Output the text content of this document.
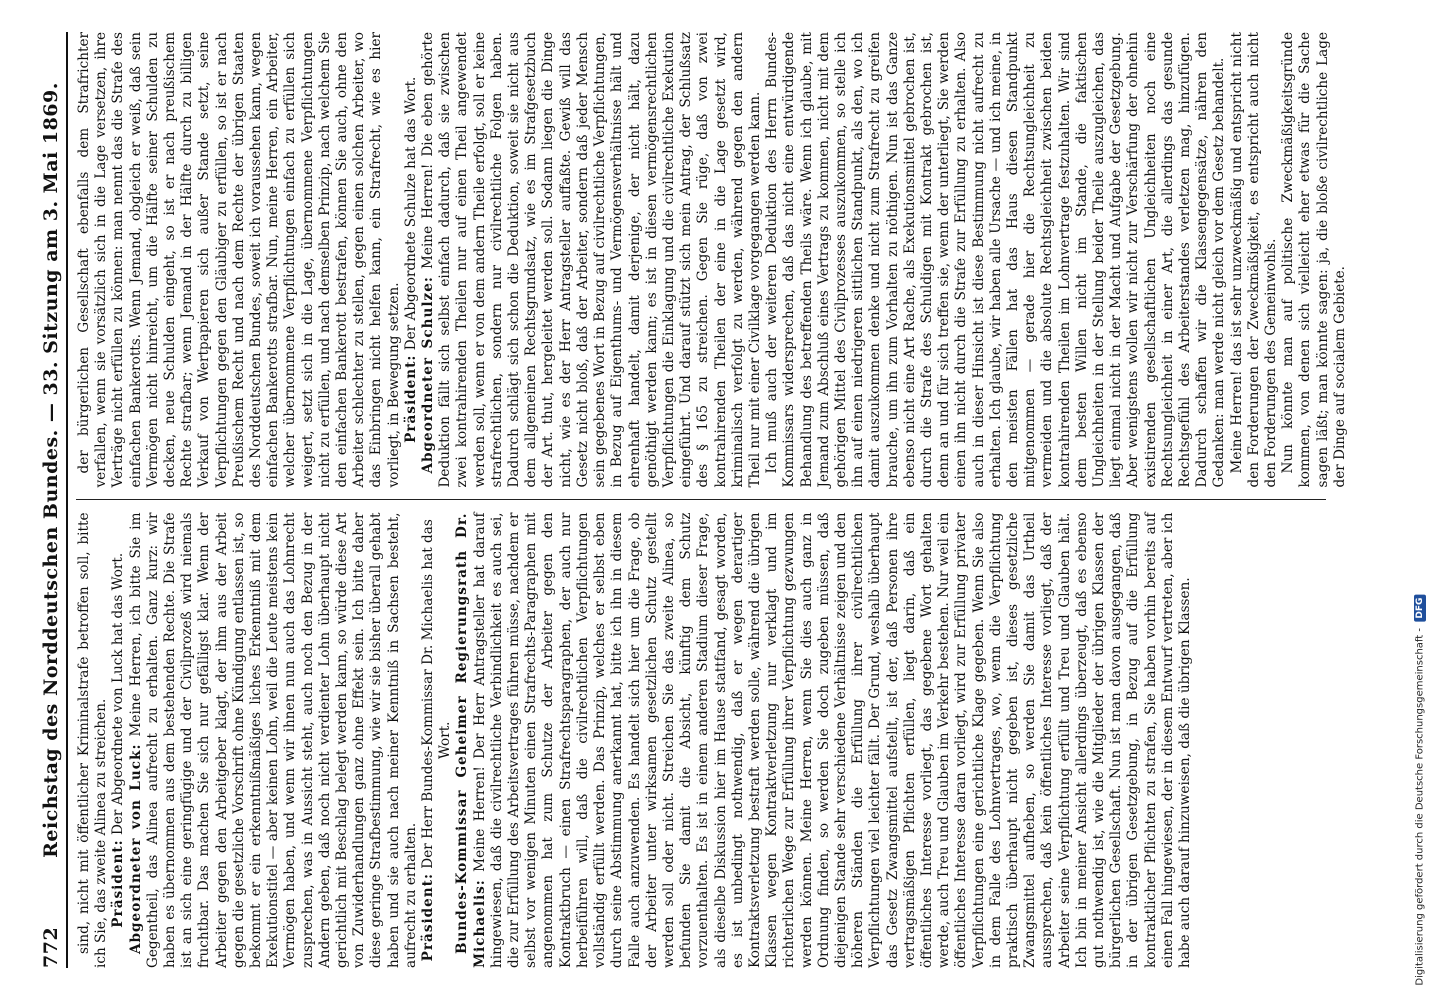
772
Reichstag des Norddeutschen Bundes. — 33. Sitzung am 3. Mai 1869. sind, nicht mit öffentlicher Kriminalstrafe betroffen soll, bitte ich Sie, das zweite Alinea zu streichen. Präsident: Der Abgeordnete von Luck hat das Wort.

Abgeordneter von Luck: Meine Herren, ich bitte Sie im Gegentheil, das Alinea aufrecht zu erhalten. Ganz kurz: wir haben es übernommen aus dem bestehenden Rechte. Die Strafe ist an sich eine geringfügige und der Civilprozeß wird niemals fruchtbar. Das machen Sie sich nur gefälligst klar. Wenn der Arbeiter gegen den Arbeitgeber klagt, der ihm aus der Arbeit gegen die gesetzliche Vorschrift ohne Kündigung entlassen ist, so bekommt er ein erkenntnißmäßiges liches Erkenntniß mit dem Exekutionstitel — aber keinen Lohn, weil die Leute meistens kein Vermögen haben, und wenn wir ihnen nun auch das Lohnrecht zusprechen, was in Aussicht steht, auch noch den Bezug in der Andern geben, daß noch nicht verdienter Lohn überhaupt nicht gerichtlich mit Beschlag belegt werden kann, so würde diese Art von Zuwiderhandlungen ganz ohne Effekt sein. Ich bitte daher diese geringe Strafbestimmung, wie wir sie bisher überall gehabt haben und sie auch nach meiner Kenntniß in Sachsen besteht, aufrecht zu erhalten. Präsident: Der Herr Bundes-Kommissar Dr. Michaelis hat das Wort. Bundes-Kommissar Geheimer Regierungsrath Dr. Michaelis: Meine Herren! Der Herr Antragsteller hat darauf hingewiesen, daß die civilrechtliche Verbindlichkeit es auch sei, die zur Erfüllung des Arbeitsvertrages führen müsse, nachdem er selbst vor wenigen Minuten einen Strafrechts-Paragraphen mit angenommen hat zum Schutze der Arbeiter gegen den Kontraktbruch — einen Strafrechtsparagraphen, der auch nur herbeiführen will, daß die civilrechtlichen Verpflichtungen vollständig erfüllt werden. Das Prinzip, welches er selbst eben durch seine Abstimmung anerkannt hat, bitte ich ihn in diesem Falle auch anzuwenden. Es handelt sich hier um die Frage, ob der Arbeiter unter wirksamen gesetzlichen Schutz gestellt werden soll oder nicht. Streichen Sie das zweite Alinea, so befunden Sie damit die Absicht, künftig dem Schutz vorzuenthalten. Es ist in einem anderen Stadium dieser Frage, als dieselbe Diskussion hier im Hause stattfand, gesagt worden, es ist unbedingt nothwendig, daß er wegen derartiger Kontraktsverletzung bestraft werden solle, während die übrigen Klassen wegen Kontraktverletzung nur verklagt und im richterlichen Wege zur Erfüllung ihrer Verpflichtung gezwungen werden können. Meine Herren, wenn Sie dies auch ganz in Ordnung finden, so werden Sie doch zugeben müssen, daß diejenigen Stande sehr verschiedene Verhältnisse zeigen und den höheren Ständen die Erfüllung ihrer civilrechtlichen Verpflichtungen viel leichter fällt. Der Grund, weshalb überhaupt das Gesetz Zwangsmittel aufstellt, ist der, daß Personen ihre vertragsmäßigen Pflichten erfüllen, liegt darin, daß ein öffentliches Interesse vorliegt, das gegebene Wort gehalten werde, auch Treu und Glauben im Verkehr bestehen. Nur weil ein öffentliches Interesse daran vorliegt, wird zur Erfüllung privater Verpflichtungen eine gerichtliche Klage gegeben. Wenn Sie also in dem Falle des Lohnvertrages, wo, wenn die Verpflichtung praktisch überhaupt nicht gegeben ist, dieses gesetzliche Zwangsmittel aufheben, so werden Sie damit das Urtheil aussprechen, daß kein öffentliches Interesse vorliegt, daß der Arbeiter seine Verpflichtung erfüllt und Treu und Glauben hält. Ich bin in meiner Ansicht allerdings überzeugt, daß es ebenso gut nothwendig ist, wie die Mitglieder der übrigen Klassen der bürgerlichen Gesellschaft. Nun ist man davon ausgegangen, daß in der übrigen Gesetzgebung, in Bezug auf die Erfüllung kontraktlicher Pflichten zu strafen, Sie haben vorhin bereits auf einen Fall hingewiesen, der in diesem Entwurf vertreten, aber ich habe auch darauf hinzuweisen, daß die übrigen Klassen.

der bürgerlichen Gesellschaft ebenfalls dem Strafrichter verfallen, wenn sie vorsätzlich sich in die Lage versetzen, ihre Verträge nicht erfüllen zu können: man nennt das die Strafe des einfachen Bankerotts. Wenn Jemand, obgleich er weiß, daß sein Vermögen nicht hinreicht, um die Hälfte seiner Schulden zu decken, neue Schulden eingeht, so ist er nach preußischem Rechte strafbar; wenn Jemand in der Hälfte durch zu billigen Verkauf von Wertpapieren sich außer Stande setzt, seine Verpflichtungen gegen den Gläubiger zu erfüllen, so ist er nach Preußischem Recht und nach dem Rechte der übrigen Staaten des Norddeutschen Bundes, soweit ich voraussehen kann, wegen einfachen Bankerotts strafbar. Nun, meine Herren, ein Arbeiter, welcher übernommene Verpflichtungen einfach zu erfüllen sich weigert, setzt sich in die Lage, übernommene Verpflichtungen nicht zu erfüllen, und nach demselben Prinzip, nach welchem Sie den einfachen Bankerott bestrafen, können Sie auch, ohne den Arbeiter schlechter zu stellen, gegen einen solchen Arbeiter, wo das Einbringen nicht helfen kann, ein Strafrecht, wie es hier vorliegt, in Bewegung setzen. Präsident: Der Abgeordnete Schulze hat das Wort.

Abgeordneter Schulze: Meine Herren! Die eben gehörte Deduktion fällt sich selbst einfach dadurch, daß sie zwischen zwei kontrahirenden Theilen nur auf einen Theil angewendet werden soll, wenn er von dem andern Theile erfolgt, soll er keine strafrechtlichen, sondern nur civilrechtliche Folgen haben. Dadurch schlägt sich schon die Deduktion, soweit sie nicht aus dem allgemeinen Rechtsgrundsatz, wie es im Strafgesetzbuch der Art. thut, hergeleitet werden soll. Sodann liegen die Dinge nicht, wie es der Herr Antragsteller auffaßte. Gewiß will das Gesetz nicht bloß, daß der Arbeiter, sondern daß jeder Mensch sein gegebenes Wort in Bezug auf civilrechtliche Verpflichtungen, in Bezug auf Eigenthums- und Vermögensverhältnisse hält und ehrenhaft handelt, damit derjenige, der nicht hält, dazu genöthigt werden kann; es ist in diesen vermögensrechtlichen Verpflichtungen die Einklagung und die civilrechtliche Exekution eingeführt. Und darauf stützt sich mein Antrag, der Schlußsatz des § 165 zu streichen. Gegen Sie rüge, daß von zwei kontrahirenden Theilen der eine in die Lage gesetzt wird, kriminalisch verfolgt zu werden, während gegen den andern Theil nur mit einer Civilklage vorgegangen werden kann. Ich muß auch der weiteren Deduktion des Herrn Bundes-Kommissars widersprechen, daß das nicht eine entwürdigende Behandlung des betreffenden Theils wäre. Wenn ich glaube, mit Jemand zum Abschluß eines Vertrags zu kommen, nicht mit dem gehörigen Mittel des Civilprozesses auszukommen, so stelle ich ihn auf einen niedrigeren sittlichen Standpunkt, als den, wo ich damit auszukommen denke und nicht zum Strafrecht zu greifen brauche, um ihn zum Vorhalten zu nöthigen. Nun ist das Ganze ebenso nicht eine Art Rache, als Exekutionsmittel gebrochen ist, durch die Strafe des Schuldigen mit Kontrakt gebrochen ist, denn an und für sich treffen sie, wenn der unterliegt, Sie werden einen ihn nicht durch die Strafe zur Erfüllung zu erhalten. Also auch in dieser Hinsicht ist diese Bestimmung nicht aufrecht zu erhalten. Ich glaube, wir haben alle Ursache — und ich meine, in den meisten Fällen hat das Haus diesen Standpunkt mitgenommen — gerade hier die Rechtsungleichheit zu vermeiden und die absolute Rechtsgleichheit zwischen beiden kontrahirenden Theilen im Lohnvertrage festzuhalten. Wir sind dem besten Willen nicht im Stande, die faktischen Ungleichheiten in der Stellung beider Theile auszugleichen, das liegt einmal nicht in der Macht und Aufgabe der Gesetzgebung. Aber wenigstens wollen wir nicht zur Verschärfung der ohnehin existirenden gesellschaftlichen Ungleichheiten noch eine Rechtsungleichheit in einer Art, die allerdings das gesunde Rechtsgefühl des Arbeiterstandes verletzen mag, hinzufügen. Dadurch schaffen wir die Klassengegensätze, nähren den Gedanken: man werde nicht gleich vor dem Gesetz behandelt. Meine Herren! das ist sehr unzweckmäßig und entspricht nicht den Forderungen der Zweckmäßigkeit, es entspricht auch nicht den Forderungen des Gemeinwohls. Nun könnte man auf politische Zweckmäßigkeitsgründe kommen, von denen sich vielleicht eher etwas für die Sache sagen läßt; man könnte sagen: ja, die bloße civilrechtliche Lage der Dinge auf socialem Gebiete.

Digitalisierung gefördert durch die Deutsche Forschungsgemeinschaft -
DFG
